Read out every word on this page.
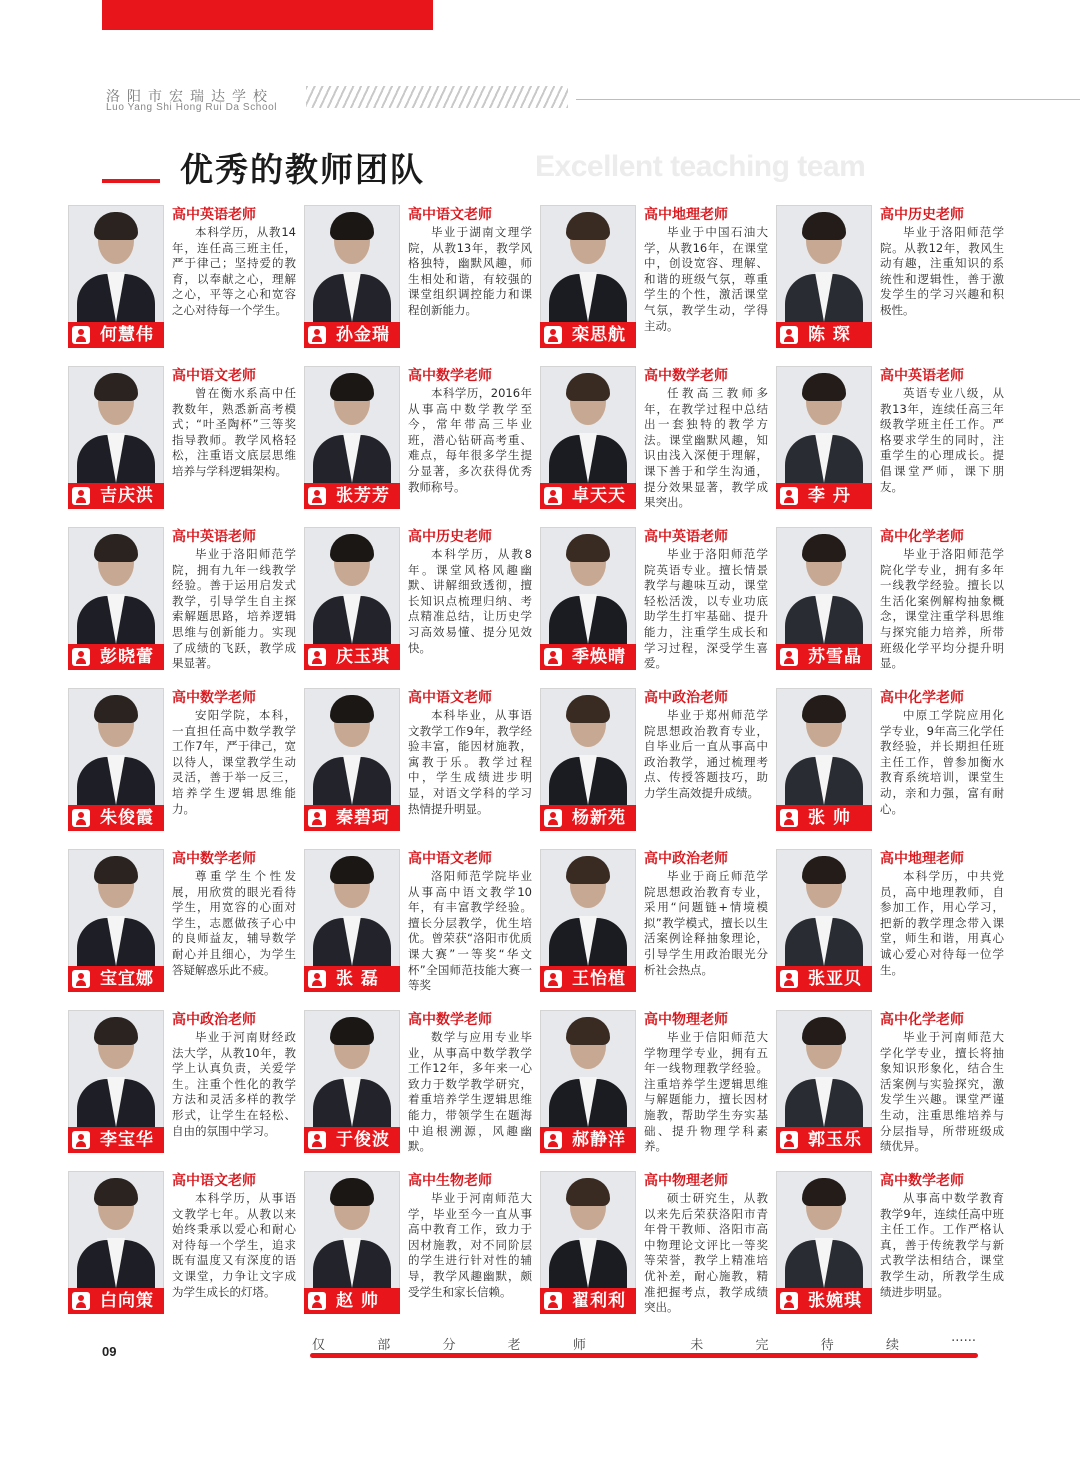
洛阳市宏瑞达学校
Luo Yang Shi Hong Rui Da School
优秀的教师团队	Excellent teaching team
何慧伟
高中英语老师

本科学历，从教14年，连任高三班主任，严于律己；坚持爱的教育，以奉献之心，理解之心，平等之心和宽容之心对待每一个学生。

孙金瑞
高中语文老师

毕业于湖南文理学院，从教13年，教学风格独特，幽默风趣，师生相处和谐，有较强的课堂组织调控能力和课程创新能力。

栾思航
高中地理老师

毕业于中国石油大学，从教16年，在课堂中，创设宽容、理解、和谐的班级气氛，尊重学生的个性，激活课堂气氛，教学生动，学得主动。	陈 琛
高中历史老师

毕业于洛阳师范学院。从教12年，教风生动有趣，注重知识的系统性和逻辑性，善于激发学生的学习兴趣和积极性。

吉庆洪
高中语文老师

曾在衡水系高中任教数年，熟悉新高考模式；“叶圣陶杯”三等奖指导教师。教学风格轻松，注重语文底层思维培养与学科逻辑架构。

张芳芳
高中数学老师

本科学历，2016年从事高中数学教学至今，常年带高三毕业班，潜心钻研高考重、难点，每年很多学生提分显著，多次获得优秀教师称号。	卓天天
高中数学老师

任教高三教师多年，在教学过程中总结出一套独特的教学方法。课堂幽默风趣，知识由浅入深便于理解，课下善于和学生沟通，提分效果显著，教学成果突出。	李 丹
高中英语老师

英语专业八级，从教13年，连续任高三年级教学班主任工作。严格要求学生的同时，注重学生的心理成长。提倡课堂严师，课下朋友。

彭晓蕾
高中英语老师

毕业于洛阳师范学院，拥有九年一线教学经验。善于运用启发式教学，引导学生自主探索解题思路，培养逻辑思维与创新能力。实现了成绩的飞跃，教学成果显著。	庆玉琪
高中历史老师

本科学历，从教8年。课堂风格风趣幽默、讲解细致透彻，擅长知识点梳理归纳、考点精准总结，让历史学习高效易懂、提分见效快。	季焕晴
高中英语老师

毕业于洛阳师范学院英语专业。擅长情景教学与趣味互动，课堂轻松活泼，以专业功底助学生打牢基础、提升能力，注重学生成长和学习过程，深受学生喜爱。	苏雪晶
高中化学老师

毕业于洛阳师范学院化学专业，拥有多年一线教学经验。擅长以生活化案例解构抽象概念，课堂注重学科思维与探究能力培养，所带班级化学平均分提升明显。

朱俊霞
高中数学老师

安阳学院，本科，一直担任高中数学教学工作7年，严于律己，宽以待人，课堂教学生动灵活，善于举一反三，培养学生逻辑思维能力。	秦碧珂
高中语文老师

本科毕业，从事语文教学工作9年，教学经验丰富，能因材施教，寓教于乐。教学过程中，学生成绩进步明显，对语文学科的学习热情提升明显。	杨新苑
高中政治老师

毕业于郑州师范学院思想政治教育专业，自毕业后一直从事高中政治教学，通过梳理考点、传授答题技巧，助力学生高效提升成绩。

张 帅
高中化学老师

中原工学院应用化学专业，9年高三化学任教经验，并长期担任班主任工作，曾参加衡水教育系统培训，课堂生动，亲和力强，富有耐心。

宝宜娜
高中数学老师

尊重学生个性发展，用欣赏的眼光看待学生，用宽容的心面对学生，志愿做孩子心中的良师益友，辅导数学耐心并且细心，为学生答疑解惑乐此不疲。	张 磊
高中语文老师

洛阳师范学院毕业从事高中语文教学10年，有丰富教学经验。擅长分层教学，优生培优。曾荣获“洛阳市优质课大赛”一等奖“华文杯”全国师范技能大赛一等奖	王怡植
高中政治老师

毕业于商丘师范学院思想政治教育专业，采用“问题链+情境模拟”教学模式，擅长以生活案例诠释抽象理论，引导学生用政治眼光分析社会热点。	张亚贝
高中地理老师

本科学历，中共党员，高中地理教师，自参加工作，用心学习，把新的教学理念带入课堂，师生和谐，用真心诚心爱心对待每一位学生。

李宝华
高中政治老师

毕业于河南财经政法大学，从教10年，教学上认真负责，关爱学生。注重个性化的教学方法和灵活多样的教学形式，让学生在轻松、自由的氛围中学习。	于俊波
高中数学老师

数学与应用专业毕业，从事高中数学教学工作12年，多年来一心致力于数学教学研究，着重培养学生逻辑思维能力，带领学生在题海中追根溯源，风趣幽默。	郝静洋
高中物理老师

毕业于信阳师范大学物理学专业，拥有五年一线物理教学经验。注重培养学生逻辑思维与解题能力，擅长因材施教，帮助学生夯实基础、提升物理学科素养。	郭玉乐
高中化学老师

毕业于河南师范大学化学专业，擅长将抽象知识形象化，结合生活案例与实验探究，激发学生兴趣。课堂严谨生动，注重思维培养与分层指导，所带班级成绩优异。

白向策
高中语文老师

本科学历，从事语文教学七年。从教以来始终秉承以爱心和耐心对待每一个学生，追求既有温度又有深度的语文课堂，力争让文字成为学生成长的灯塔。	赵 帅
高中生物老师

毕业于河南师范大学，毕业至今一直从事高中教育工作，致力于因材施教，对不同阶层的学生进行针对性的辅导，教学风趣幽默，颇受学生和家长信赖。	翟利利
高中物理老师

硕士研究生，从教以来先后荣获洛阳市青年骨干教师、洛阳市高中物理论文评比一等奖等荣誉，教学上精准培优补差，耐心施教，精准把握考点，教学成绩突出。	张婉琪
高中数学老师

从事高中数学教育教学9年，连续任高中班主任工作。工作严格认真，善于传统教学与新式教学法相结合，课堂教学生动，所教学生成绩进步明显。

09	仅	部	分	老	师	未	完	待	续	······
